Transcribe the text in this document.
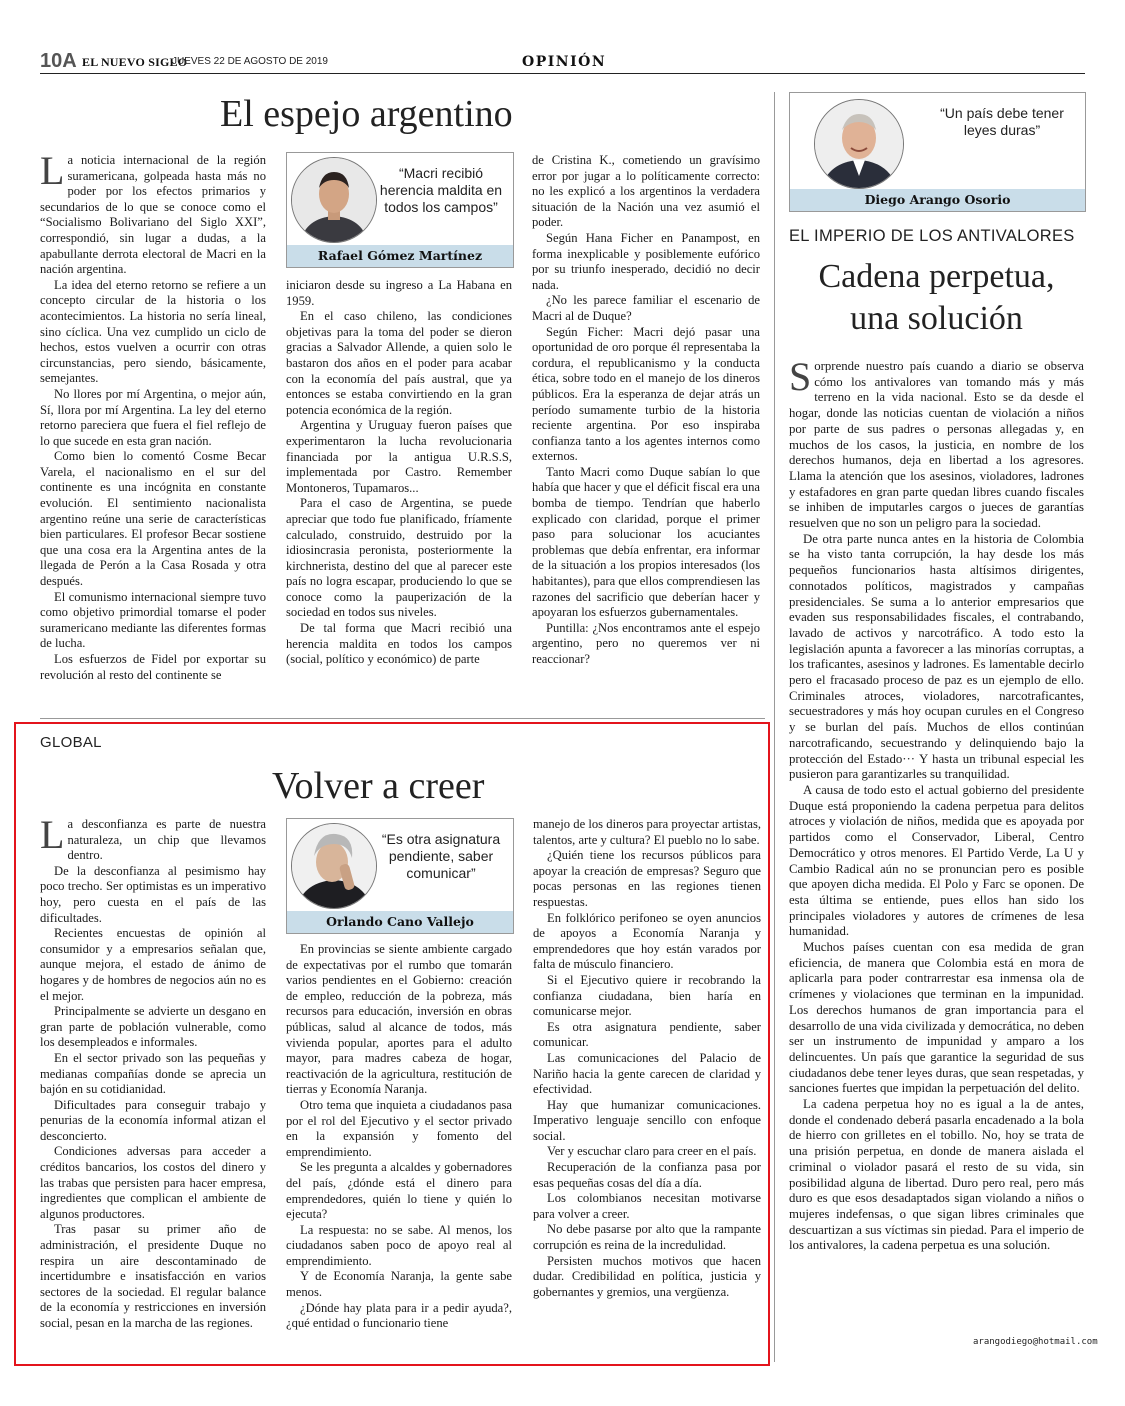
10A EL NUEVO SIGLO
JUEVES 22 DE AGOSTO DE 2019	OPINIÓN
El espejo argentino
L a noticia internacional de la región suramericana, golpeada hasta más no poder por los efectos primarios y secundarios de lo que se conoce como el “Socialismo Bolivariano del Siglo XXI”, correspondió, sin lugar a dudas, a la apabullante derrota electoral de Macri en la nación argentina.

La idea del eterno retorno se refiere a un concepto circular de la historia o los acontecimientos. La historia no sería lineal, sino cíclica. Una vez cumplido un ciclo de hechos, estos vuelven a ocurrir con otras circunstancias, pero siendo, básicamente, semejantes.

No llores por mí Argentina, o mejor aún, Sí, llora por mí Argentina. La ley del eterno retorno pareciera que fuera el fiel reflejo de lo que sucede en esta gran nación.

Como bien lo comentó Cosme Becar Varela, el nacionalismo en el sur del continente es una incógnita en constante evolución. El sentimiento nacionalista argentino reúne una serie de características bien particulares. El profesor Becar sostiene que una cosa era la Argentina antes de la llegada de Perón a la Casa Rosada y otra después.

El comunismo internacional siempre tuvo como objetivo primordial tomarse el poder suramericano mediante las diferentes formas de lucha.

Los esfuerzos de Fidel por exportar su revolución al resto del continente se

“Macri recibió herencia maldita en todos los campos”
Rafael Gómez Martínez

iniciaron desde su ingreso a La Habana en 1959.

En el caso chileno, las condiciones objetivas para la toma del poder se dieron gracias a Salvador Allende, a quien solo le bastaron dos años en el poder para acabar con la economía del país austral, que ya entonces se estaba convirtiendo en la gran potencia económica de la región.

Argentina y Uruguay fueron países que experimentaron la lucha revolucionaria financiada por la antigua U.R.S.S, implementada por Castro. Remember Montoneros, Tupamaros...

Para el caso de Argentina, se puede apreciar que todo fue planificado, fríamente calculado, construido, destruido por la idiosincrasia peronista, posteriormente la kirchnerista, destino del que al parecer este país no logra escapar, produciendo lo que se conoce como la pauperización de la sociedad en todos sus niveles.

De tal forma que Macri recibió una herencia maldita en todos los campos (social, político y económico) de parte

de Cristina K., cometiendo un gravísimo error por jugar a lo políticamente correcto: no les explicó a los argentinos la verdadera situación de la Nación una vez asumió el poder.

Según Hana Ficher en Panampost, en forma inexplicable y posiblemente eufórico por su triunfo inesperado, decidió no decir nada.

¿No les parece familiar el escenario de Macri al de Duque?

Según Ficher: Macri dejó pasar una oportunidad de oro porque él representaba la cordura, el republicanismo y la conducta ética, sobre todo en el manejo de los dineros públicos. Era la esperanza de dejar atrás un período sumamente turbio de la historia reciente argentina. Por eso inspiraba confianza tanto a los agentes internos como externos.

Tanto Macri como Duque sabían lo que había que hacer y que el déficit fiscal era una bomba de tiempo. Tendrían que haberlo explicado con claridad, porque el primer paso para solucionar los acuciantes problemas que debía enfrentar, era informar de la situación a los propios interesados (los habitantes), para que ellos comprendiesen las razones del sacrificio que deberían hacer y apoyaran los esfuerzos gubernamentales.

Puntilla: ¿Nos encontramos ante el espejo argentino, pero no queremos ver ni reaccionar?

GLOBAL
Volver a creer
L a desconfianza es parte de nuestra naturaleza, un chip que llevamos dentro.

De la desconfianza al pesimismo hay poco trecho. Ser optimistas es un imperativo hoy, pero cuesta en el país de las dificultades.

Recientes encuestas de opinión al consumidor y a empresarios señalan que, aunque mejora, el estado de ánimo de hogares y de hombres de negocios aún no es el mejor.

Principalmente se advierte un desgano en gran parte de población vulnerable, como los desempleados e informales.

En el sector privado son las pequeñas y medianas compañías donde se aprecia un bajón en su cotidianidad.

Dificultades para conseguir trabajo y penurias de la economía informal atizan el desconcierto.

Condiciones adversas para acceder a créditos bancarios, los costos del dinero y las trabas que persisten para hacer empresa, ingredientes que complican el ambiente de algunos productores.

Tras pasar su primer año de administración, el presidente Duque no respira un aire descontaminado de incertidumbre e insatisfacción en varios sectores de la sociedad. El regular balance de la economía y restricciones en inversión social, pesan en la marcha de las regiones.

“Es otra asignatura pendiente, saber comunicar”
Orlando Cano Vallejo

En provincias se siente ambiente cargado de expectativas por el rumbo que tomarán varios pendientes en el Gobierno: creación de empleo, reducción de la pobreza, más recursos para educación, inversión en obras públicas, salud al alcance de todos, más vivienda popular, aportes para el adulto mayor, para madres cabeza de hogar, reactivación de la agricultura, restitución de tierras y Economía Naranja.

Otro tema que inquieta a ciudadanos pasa por el rol del Ejecutivo y el sector privado en la expansión y fomento del emprendimiento.

Se les pregunta a alcaldes y gobernadores del país, ¿dónde está el dinero para emprendedores, quién lo tiene y quién lo ejecuta?

La respuesta: no se sabe. Al menos, los ciudadanos saben poco de apoyo real al emprendimiento.

Y de Economía Naranja, la gente sabe menos.

¿Dónde hay plata para ir a pedir ayuda?, ¿qué entidad o funcionario tiene

manejo de los dineros para proyectar artistas, talentos, arte y cultura? El pueblo no lo sabe.

¿Quién tiene los recursos públicos para apoyar la creación de empresas? Seguro que pocas personas en las regiones tienen respuestas.

En folklórico perifoneo se oyen anuncios de apoyos a Economía Naranja y emprendedores que hoy están varados por falta de músculo financiero.

Si el Ejecutivo quiere ir recobrando la confianza ciudadana, bien haría en comunicarse mejor.

Es otra asignatura pendiente, saber comunicar.

Las comunicaciones del Palacio de Nariño hacia la gente carecen de claridad y efectividad.

Hay que humanizar comunicaciones. Imperativo lenguaje sencillo con enfoque social.

Ver y escuchar claro para creer en el país.

Recuperación de la confianza pasa por esas pequeñas cosas del día a día.

Los colombianos necesitan motivarse para volver a creer.

No debe pasarse por alto que la rampante corrupción es reina de la incredulidad.

Persisten muchos motivos que hacen dudar. Credibilidad en política, justicia y gobernantes y gremios, una vergüenza.

“Un país debe tener leyes duras”
Diego Arango Osorio
EL IMPERIO DE LOS ANTIVALORES
Cadena perpetua,
una solución
S orprende nuestro país cuando a diario se observa cómo los antivalores van tomando más y más terreno en la vida nacional. Esto se da desde el hogar, donde las noticias cuentan de violación a niños por parte de sus padres o personas allegadas y, en muchos de los casos, la justicia, en nombre de los derechos humanos, deja en libertad a los agresores. Llama la atención que los asesinos, violadores, ladrones y estafadores en gran parte quedan libres cuando fiscales se inhiben de imputarles cargos o jueces de garantías resuelven que no son un peligro para la sociedad.

De otra parte nunca antes en la historia de Colombia se ha visto tanta corrupción, la hay desde los más pequeños funcionarios hasta altísimos dirigentes, connotados políticos, magistrados y campañas presidenciales. Se suma a lo anterior empresarios que evaden sus responsabilidades fiscales, el contrabando, lavado de activos y narcotráfico. A todo esto la legislación apunta a favorecer a las minorías corruptas, a los traficantes, asesinos y ladrones. Es lamentable decirlo pero el fracasado proceso de paz es un ejemplo de ello. Criminales atroces, violadores, narcotraficantes, secuestradores y más hoy ocupan curules en el Congreso y se burlan del país. Muchos de ellos continúan narcotraficando, secuestrando y delinquiendo bajo la protección del Estado··· Y hasta un tribunal especial les pusieron para garantizarles su tranquilidad.

A causa de todo esto el actual gobierno del presidente Duque está proponiendo la cadena perpetua para delitos atroces y violación de niños, medida que es apoyada por partidos como el Conservador, Liberal, Centro Democrático y otros menores. El Partido Verde, La U y Cambio Radical aún no se pronuncian pero es posible que apoyen dicha medida. El Polo y Farc se oponen. De esta última se entiende, pues ellos han sido los principales violadores y autores de crímenes de lesa humanidad.

Muchos países cuentan con esa medida de gran eficiencia, de manera que Colombia está en mora de aplicarla para poder contrarrestar esa inmensa ola de crímenes y violaciones que terminan en la impunidad. Los derechos humanos de gran importancia para el desarrollo de una vida civilizada y democrática, no deben ser un instrumento de impunidad y amparo a los delincuentes. Un país que garantice la seguridad de sus ciudadanos debe tener leyes duras, que sean respetadas, y sanciones fuertes que impidan la perpetuación del delito.

La cadena perpetua hoy no es igual a la de antes, donde el condenado deberá pasarla encadenado a la bola de hierro con grilletes en el tobillo. No, hoy se trata de una prisión perpetua, en donde de manera aislada el criminal o violador pasará el resto de su vida, sin posibilidad alguna de libertad. Duro pero real, pero más duro es que esos desadaptados sigan violando a niños o mujeres indefensas, o que sigan libres criminales que descuartizan a sus víctimas sin piedad. Para el imperio de los antivalores, la cadena perpetua es una solución.

arangodiego@hotmail.com
